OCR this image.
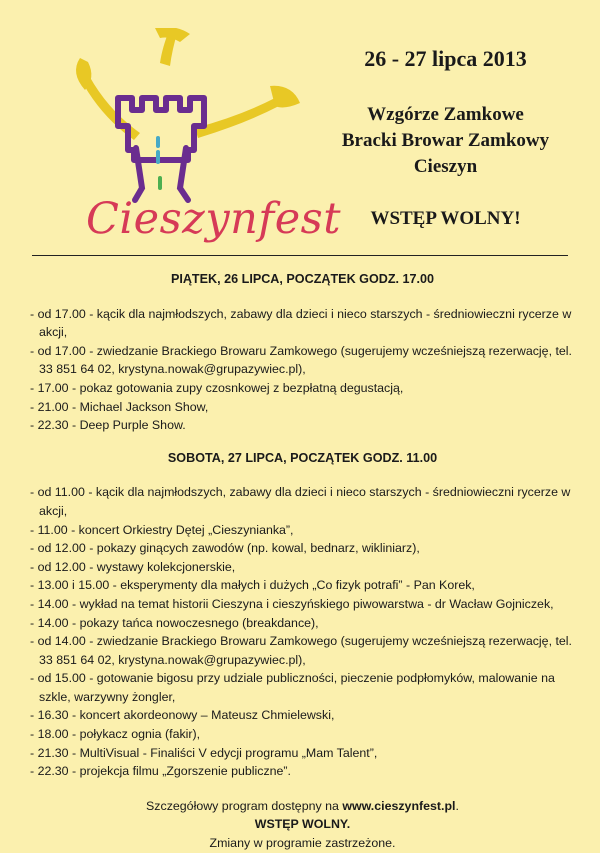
Cieszynfest
26 - 27 lipca 2013
Wzgórze Zamkowe
Bracki Browar Zamkowy
Cieszyn
WSTĘP WOLNY!
PIĄTEK, 26 LIPCA, POCZĄTEK GODZ. 17.00
- od 17.00 - kącik dla najmłodszych, zabawy dla dzieci i nieco starszych - średniowieczni rycerze w akcji,
- od 17.00 - zwiedzanie Brackiego Browaru Zamkowego (sugerujemy wcześniejszą rezerwację, tel. 33 851 64 02, krystyna.nowak@grupazywiec.pl),
- 17.00 - pokaz gotowania zupy czosnkowej z bezpłatną degustacją,
- 21.00 - Michael Jackson Show,
- 22.30 - Deep Purple Show.
SOBOTA, 27 LIPCA, POCZĄTEK GODZ. 11.00
- od 11.00 - kącik dla najmłodszych, zabawy dla dzieci i nieco starszych - średniowieczni rycerze w akcji,
- 11.00 - koncert Orkiestry Dętej „Cieszynianka”,
- od 12.00 - pokazy ginących zawodów (np. kowal, bednarz, wikliniarz),
- od 12.00 - wystawy kolekcjonerskie,
- 13.00 i 15.00 - eksperymenty dla małych i dużych „Co fizyk potrafi” - Pan Korek,
- 14.00 - wykład na temat historii Cieszyna i cieszyńskiego piwowarstwa - dr Wacław Gojniczek,
- 14.00 - pokazy tańca nowoczesnego (breakdance),
- od 14.00 - zwiedzanie Brackiego Browaru Zamkowego (sugerujemy wcześniejszą rezerwację, tel. 33 851 64 02, krystyna.nowak@grupazywiec.pl),
- od 15.00 - gotowanie bigosu przy udziale publiczności, pieczenie podpłomyków, malowanie na szkle, warzywny żongler,
- 16.30 - koncert akordeonowy – Mateusz Chmielewski,
- 18.00 - połykacz ognia (fakir),
- 21.30 - MultiVisual - Finaliści V edycji programu „Mam Talent”,
- 22.30 - projekcja filmu „Zgorszenie publiczne”.
Szczegółowy program dostępny na www.cieszynfest.pl.
WSTĘP WOLNY.
Zmiany w programie zastrzeżone.
